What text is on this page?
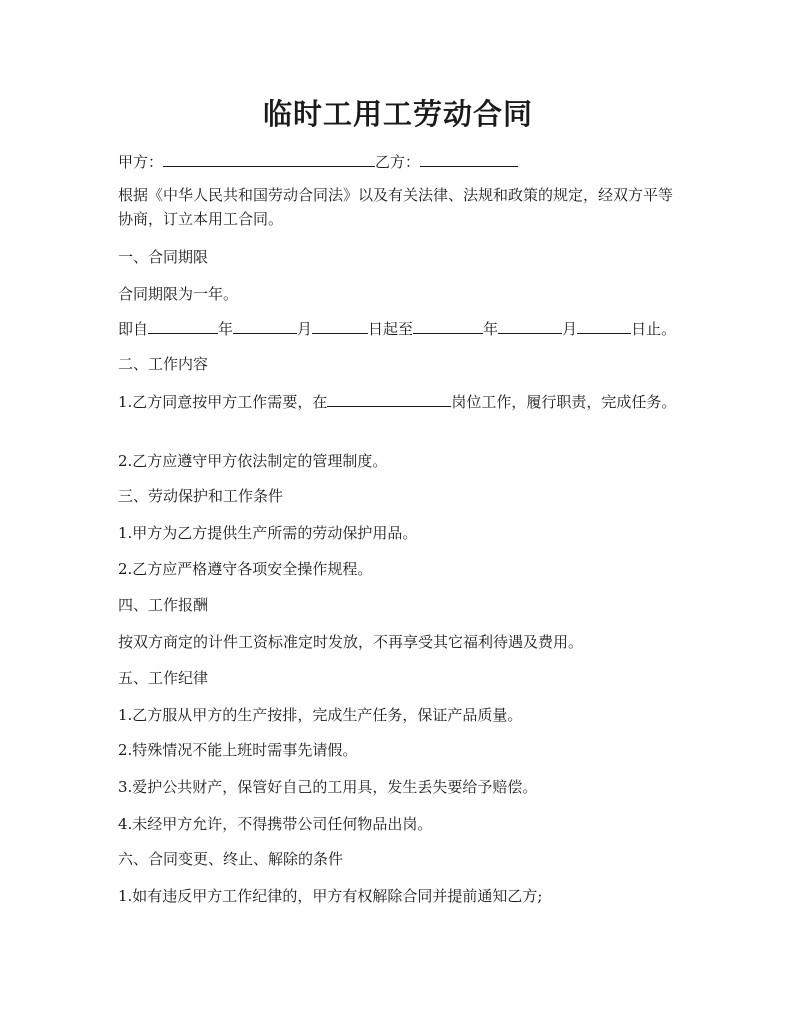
临时工用工劳动合同

甲方：	乙方：

根据《中华人民共和国劳动合同法》以及有关法律、法规和政策的规定，经双方平等协商，订立本用工合同。

一、合同期限

合同期限为一年。

即自	年	月	日起至	年	月	日止。

二、工作内容

1.乙方同意按甲方工作需要，在	岗位工作，履行职责，完成任务。

2.乙方应遵守甲方依法制定的管理制度。

三、劳动保护和工作条件

1.甲方为乙方提供生产所需的劳动保护用品。

2.乙方应严格遵守各项安全操作规程。

四、工作报酬

按双方商定的计件工资标准定时发放，不再享受其它福利待遇及费用。

五、工作纪律

1.乙方服从甲方的生产按排，完成生产任务，保证产品质量。

2.特殊情况不能上班时需事先请假。

3.爱护公共财产，保管好自己的工用具，发生丢失要给予赔偿。

4.未经甲方允许，不得携带公司任何物品出岗。

六、合同变更、终止、解除的条件

1.如有违反甲方工作纪律的，甲方有权解除合同并提前通知乙方;
